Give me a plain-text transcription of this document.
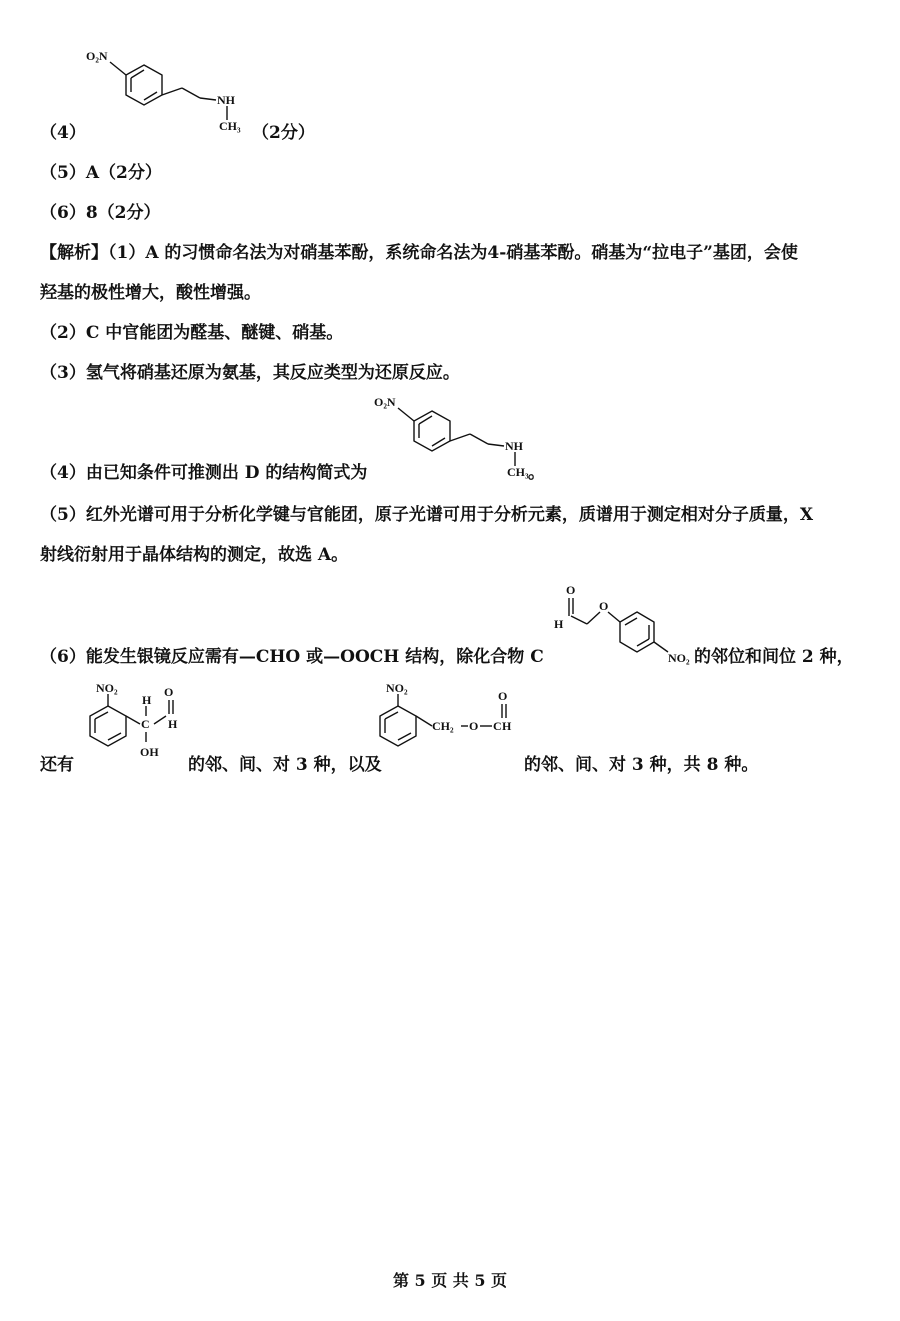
O₂N
NH
CH₃
（4）	（2分）
（5）A（2分）
（6）8（2分）
【解析】（1）A 的习惯命名法为对硝基苯酚，系统命名法为4-硝基苯酚。硝基为“拉电子”基团，会使
羟基的极性增大，酸性增强。
（2）C 中官能团为醛基、醚键、硝基。
（3）氢气将硝基还原为氨基，其反应类型为还原反应。
O₂N
NH
CH₃
（4）由已知条件可推测出 D 的结构简式为	。
（5）红外光谱可用于分析化学键与官能团，原子光谱可用于分析元素，质谱用于测定相对分子质量，X
射线衍射用于晶体结构的测定，故选 A。
O
H
O
NO₂
（6）能发生银镜反应需有—CHO 或—OOCH 结构，除化合物 C	的邻位和间位 2 种，
NO₂
H
C
O
H
OH
NO₂
CH₂ O
O
C H
还有	的邻、间、对 3 种，以及	的邻、间、对 3 种，共 8 种。
第 5 页 共 5 页
